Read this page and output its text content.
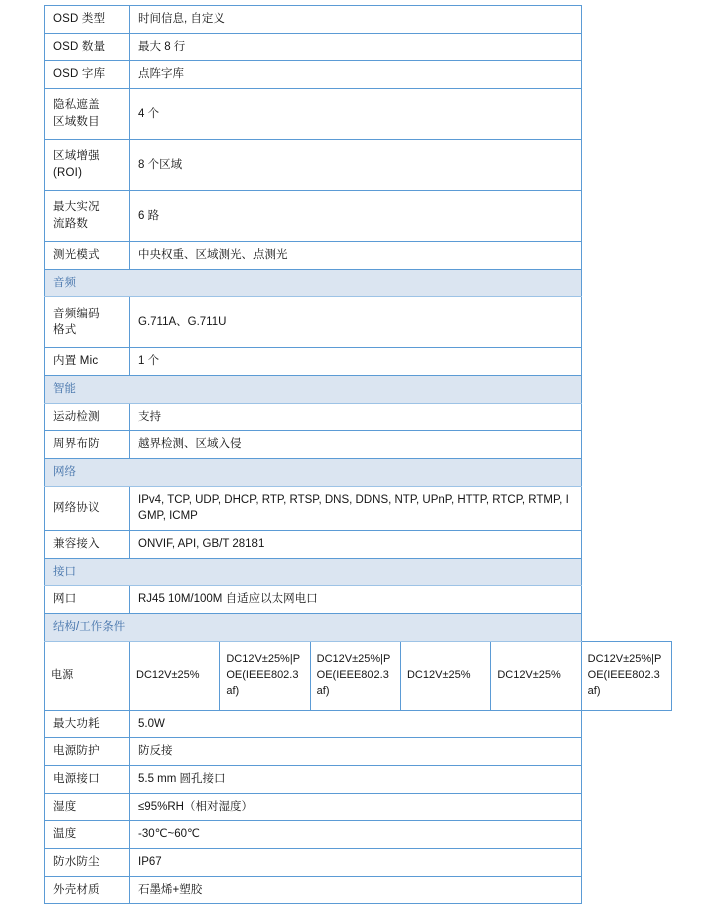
OSD 类型	时间信息, 自定义					
OSD 数量	最大 8 行					
OSD 字库	点阵字库					

隐私遮盖
区域数目	4 个					

区域增强
(ROI)	8 个区域					

最大实况
流路数	6 路					
测光模式	中央权重、区域测光、点测光					
音频						

音频编码
格式	G.711A、G.711U					
内置 Mic	1 个					
智能						
运动检测	支持					
周界布防	越界检测、区域入侵					
网络						
网络协议	IPv4, TCP, UDP, DHCP, RTP, RTSP, DNS, DDNS, NTP, UPnP, HTTP, RTCP, RTMP, IGMP, ICMP					
兼容接入	ONVIF, API, GB/T 28181					
接口						
网口	RJ45 10M/100M 自适应以太网电口					
结构/工作条件						
电源	DC12V±25%	DC12V±25%|POE(IEEE802.3af)	DC12V±25%|POE(IEEE802.3af)	DC12V±25%	DC12V±25%	DC12V±25%|POE(IEEE802.3af)
最大功耗	5.0W					
电源防护	防反接					
电源接口	5.5 mm 圆孔接口					
湿度	≤95%RH（相对湿度）					
温度	-30℃~60℃					
防水防尘	IP67					
外壳材质	石墨烯+塑胶					
